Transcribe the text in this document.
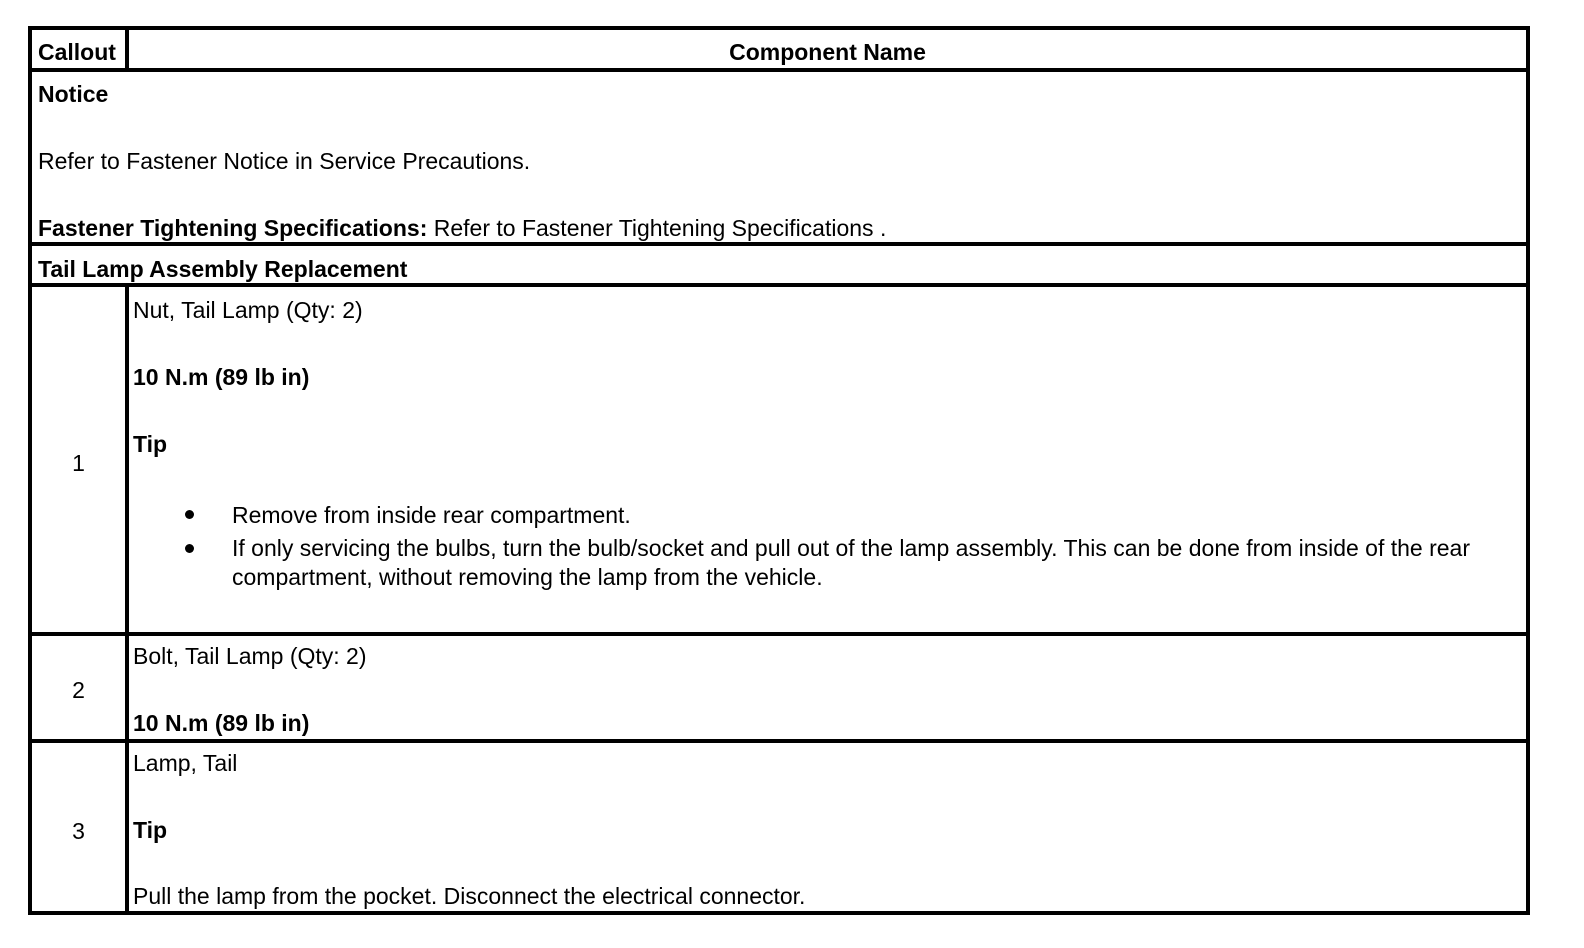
Callout	Component Name
Notice
Refer to Fastener Notice in Service Precautions.
Fastener Tightening Specifications: Refer to Fastener Tightening Specifications .
Tail Lamp Assembly Replacement
1
Nut, Tail Lamp (Qty: 2)
10 N.m (89 lb in)
Tip
Remove from inside rear compartment.
If only servicing the bulbs, turn the bulb/socket and pull out of the lamp assembly. This can be done from inside of the rear compartment, without removing the lamp from the vehicle.
2
Bolt, Tail Lamp (Qty: 2)
10 N.m (89 lb in)
3
Lamp, Tail
Tip
Pull the lamp from the pocket. Disconnect the electrical connector.
